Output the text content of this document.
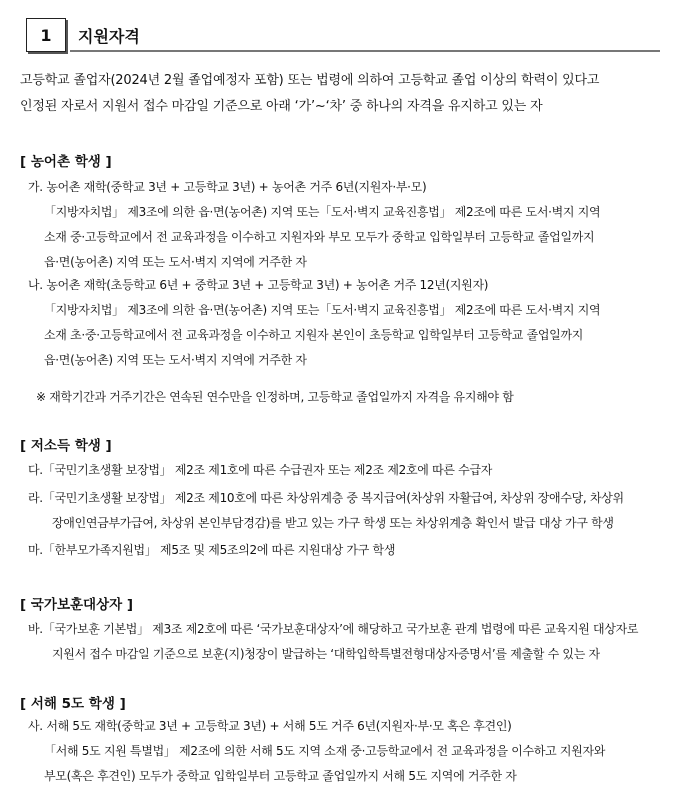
1	지원자격

고등학교 졸업자(2024년 2월 졸업예정자 포함) 또는 법령에 의하여 고등학교 졸업 이상의 학력이 있다고

인정된 자로서 지원서 접수 마감일 기준으로 아래 ‘가’~‘차’ 중 하나의 자격을 유지하고 있는 자

[ 농어촌 학생 ]

가. 농어촌 재학(중학교 3년 + 고등학교 3년) + 농어촌 거주 6년(지원자·부·모)

「지방자치법」 제3조에 의한 읍·면(농어촌) 지역 또는「도서·벽지 교육진흥법」 제2조에 따른 도서·벽지 지역

소재 중·고등학교에서 전 교육과정을 이수하고 지원자와 부모 모두가 중학교 입학일부터 고등학교 졸업일까지

읍·면(농어촌) 지역 또는 도서·벽지 지역에 거주한 자

나. 농어촌 재학(초등학교 6년 + 중학교 3년 + 고등학교 3년) + 농어촌 거주 12년(지원자)

「지방자치법」 제3조에 의한 읍·면(농어촌) 지역 또는「도서·벽지 교육진흥법」 제2조에 따른 도서·벽지 지역

소재 초·중·고등학교에서 전 교육과정을 이수하고 지원자 본인이 초등학교 입학일부터 고등학교 졸업일까지

읍·면(농어촌) 지역 또는 도서·벽지 지역에 거주한 자

※ 재학기간과 거주기간은 연속된 연수만을 인정하며, 고등학교 졸업일까지 자격을 유지해야 함
[ 저소득 학생 ]

다.「국민기초생활 보장법」 제2조 제1호에 따른 수급권자 또는 제2조 제2호에 따른 수급자

라.「국민기초생활 보장법」 제2조 제10호에 따른 차상위계층 중 복지급여(차상위 자활급여, 차상위 장애수당, 차상위

장애인연금부가급여, 차상위 본인부담경감)를 받고 있는 가구 학생 또는 차상위계층 확인서 발급 대상 가구 학생

마.「한부모가족지원법」 제5조 및 제5조의2에 따른 지원대상 가구 학생

[ 국가보훈대상자 ]

바.「국가보훈 기본법」 제3조 제2호에 따른 ‘국가보훈대상자’에 해당하고 국가보훈 관계 법령에 따른 교육지원 대상자로

지원서 접수 마감일 기준으로 보훈(지)청장이 발급하는 ‘대학입학특별전형대상자증명서’를 제출할 수 있는 자

[ 서해 5도 학생 ]

사. 서해 5도 재학(중학교 3년 + 고등학교 3년) + 서해 5도 거주 6년(지원자·부·모 혹은 후견인)

「서해 5도 지원 특별법」 제2조에 의한 서해 5도 지역 소재 중·고등학교에서 전 교육과정을 이수하고 지원자와

부모(혹은 후견인) 모두가 중학교 입학일부터 고등학교 졸업일까지 서해 5도 지역에 거주한 자
